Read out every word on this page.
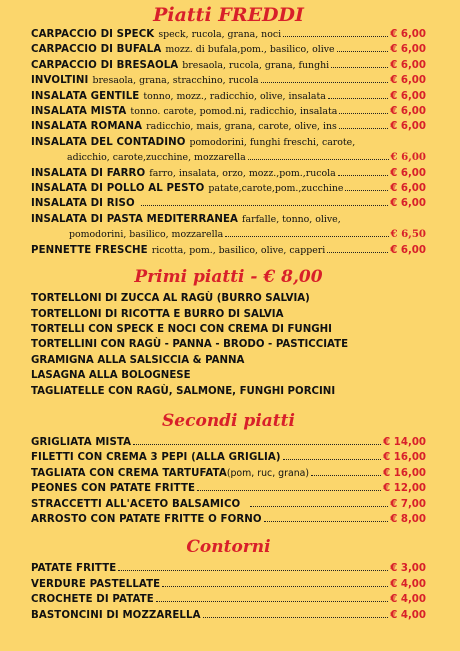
Piatti FREDDI
CARPACCIO DI SPECK speck, rucola, grana, noci	€ 6,00
CARPACCIO DI BUFALA mozz. di bufala,pom., basilico, olive	€ 6,00
CARPACCIO DI BRESAOLA bresaola, rucola, grana, funghi	€ 6,00
INVOLTINI bresaola, grana, stracchino, rucola	€ 6,00
INSALATA GENTILE tonno, mozz., radicchio, olive, insalata	€ 6,00
INSALATA MISTA tonno. carote, pomod.ni, radicchio, insalata	€ 6,00
INSALATA ROMANA radicchio, mais, grana, carote, olive, ins	€ 6,00
INSALATA DEL CONTADINO pomodorini, funghi freschi, carote,
adicchio, carote,zucchine, mozzarella	€ 6,00
INSALATA DI FARRO farro, insalata, orzo, mozz.,pom.,rucola	€ 6,00
INSALATA DI POLLO AL PESTO patate,carote,pom.,zucchine	€ 6,00
INSALATA DI RISO	€ 6,00
INSALATA DI PASTA MEDITERRANEA farfalle, tonno, olive,
pomodorini, basilico, mozzarella	€ 6,50
PENNETTE FRESCHE ricotta, pom., basilico, olive, capperi	€ 6,00
Primi piatti - € 8,00
TORTELLONI DI ZUCCA AL RAGÙ (BURRO SALVIA)
TORTELLONI DI RICOTTA E BURRO DI SALVIA
TORTELLI CON SPECK E NOCI CON CREMA DI FUNGHI
TORTELLINI CON RAGÙ - PANNA - BRODO - PASTICCIATE
GRAMIGNA ALLA SALSICCIA & PANNA
LASAGNA ALLA BOLOGNESE
TAGLIATELLE CON RAGÙ, SALMONE, FUNGHI PORCINI
Secondi piatti
GRIGLIATA MISTA	€ 14,00
FILETTI CON CREMA 3 PEPI (ALLA GRIGLIA)	€ 16,00
TAGLIATA CON CREMA TARTUFATA (pom, ruc, grana)	€ 16,00
PEONES CON PATATE FRITTE	€ 12,00
STRACCETTI ALL'ACETO BALSAMICO	€ 7,00
ARROSTO CON PATATE FRITTE O FORNO	€ 8,00
Contorni
PATATE FRITTE	€ 3,00
VERDURE PASTELLATE	€ 4,00
CROCHETE DI PATATE	€ 4,00
BASTONCINI DI MOZZARELLA	€ 4,00
